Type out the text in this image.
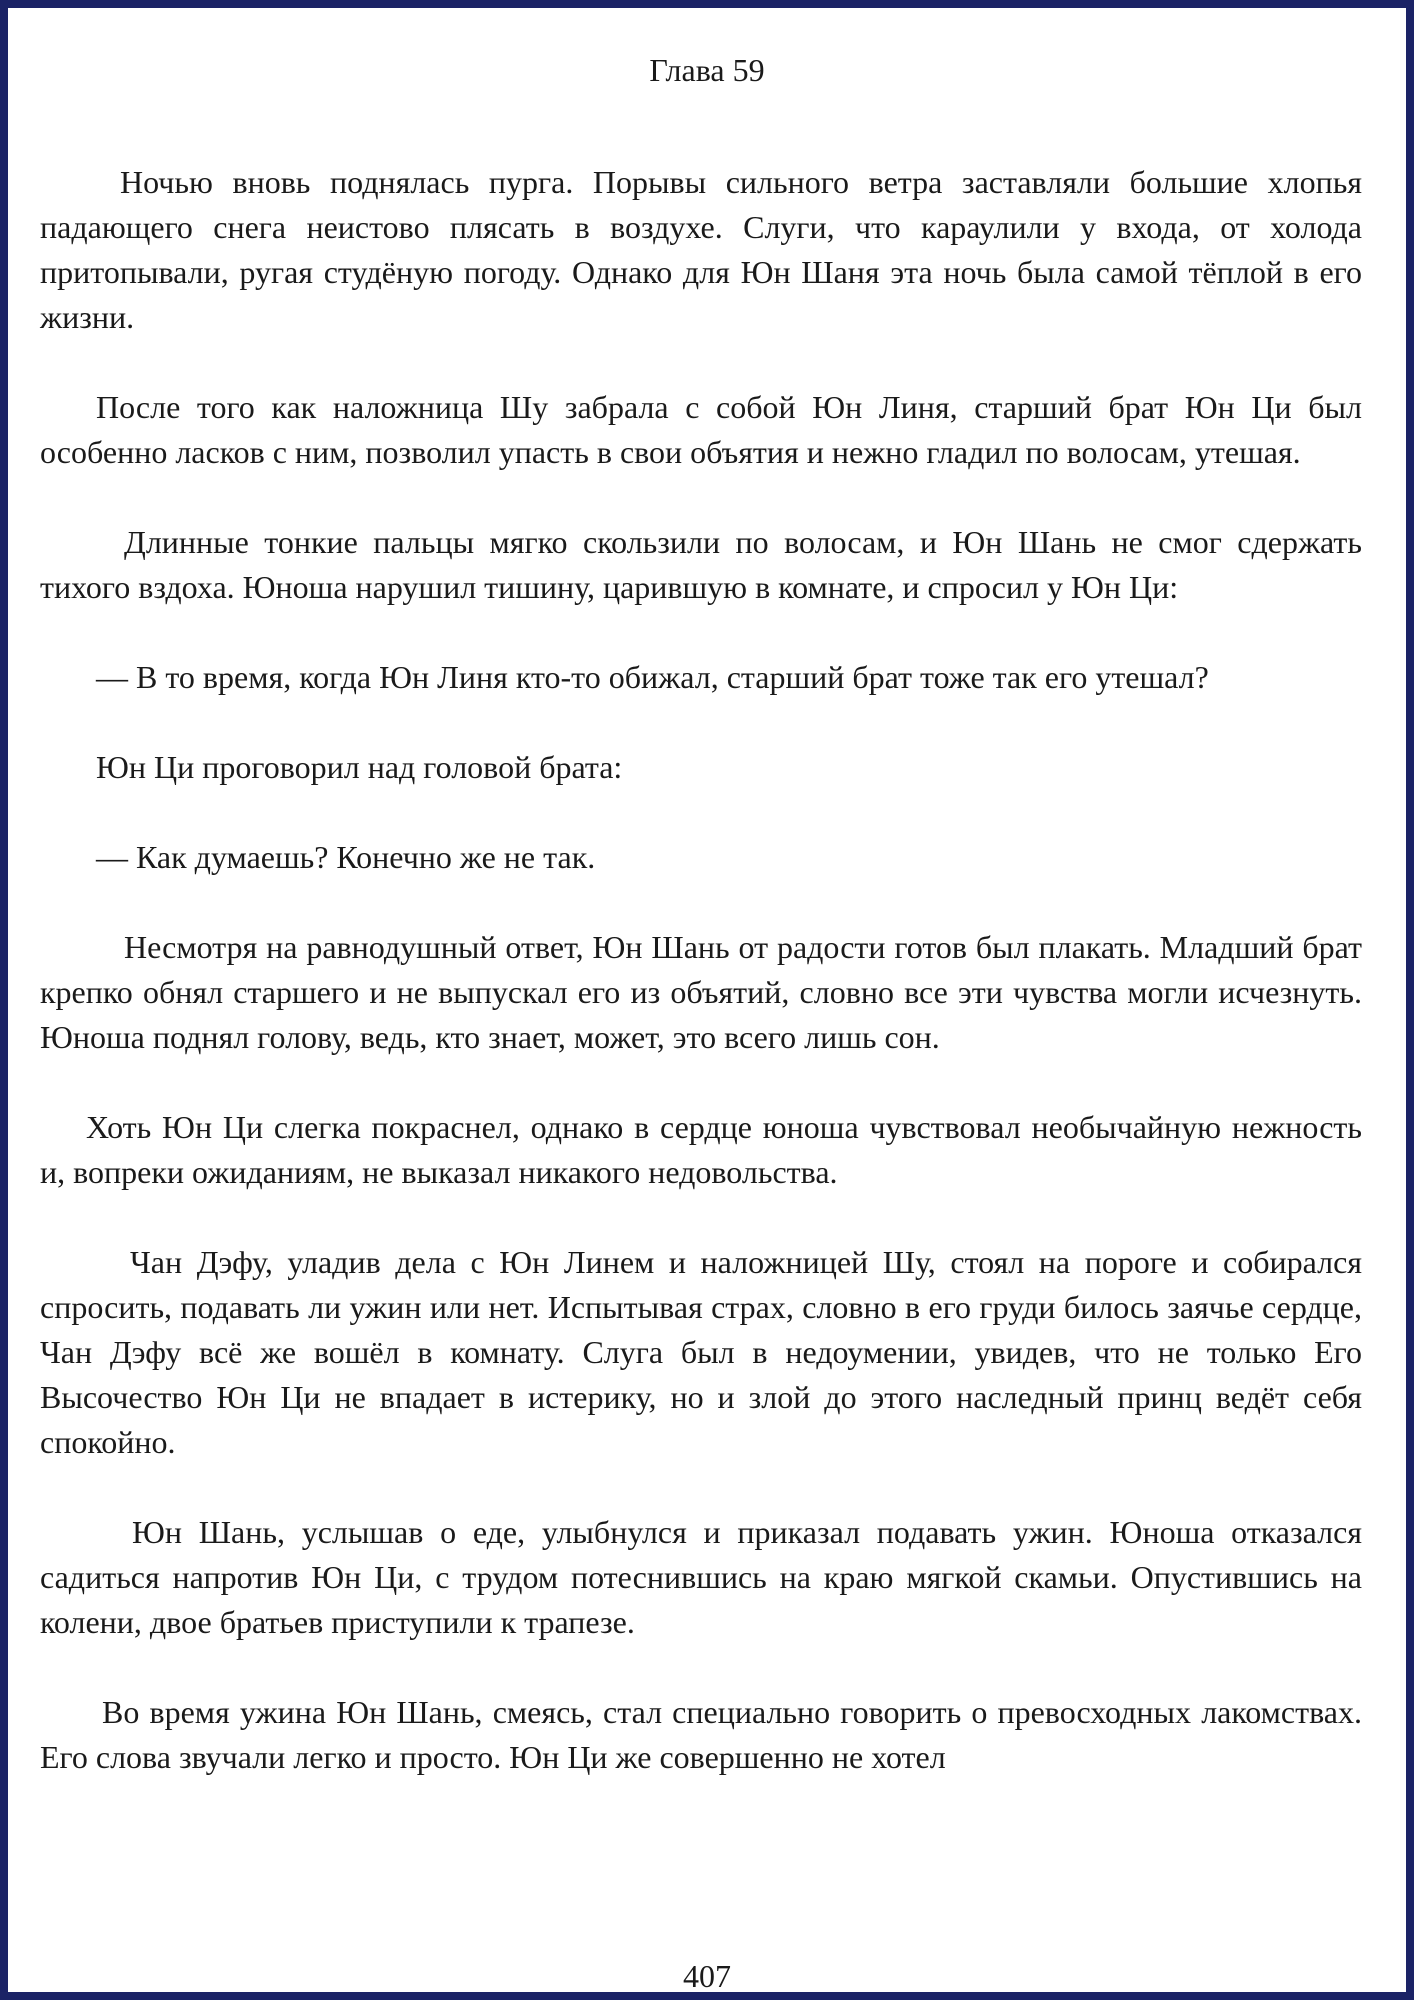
Глава 59

Ночью вновь поднялась пурга. Порывы сильного ветра заставляли большие хлопья падающего снега неистово плясать в воздухе. Слуги, что караулили у входа, от холода притопывали, ругая студёную погоду. Однако для Юн Шаня эта ночь была самой тёплой в его жизни.

После того как наложница Шу забрала с собой Юн Линя, старший брат Юн Ци был особенно ласков с ним, позволил упасть в свои объятия и нежно гладил по волосам, утешая.

Длинные тонкие пальцы мягко скользили по волосам, и Юн Шань не смог сдержать тихого вздоха. Юноша нарушил тишину, царившую в комнате, и спросил у Юн Ци:

— В то время, когда Юн Линя кто-то обижал, старший брат тоже так его утешал?

Юн Ци проговорил над головой брата:

— Как думаешь? Конечно же не так.

Несмотря на равнодушный ответ, Юн Шань от радости готов был плакать. Младший брат крепко обнял старшего и не выпускал его из объятий, словно все эти чувства могли исчезнуть. Юноша поднял голову, ведь, кто знает, может, это всего лишь сон.

Хоть Юн Ци слегка покраснел, однако в сердце юноша чувствовал необычайную нежность и, вопреки ожиданиям, не выказал никакого недовольства.

Чан Дэфу, уладив дела с Юн Линем и наложницей Шу, стоял на пороге и собирался спросить, подавать ли ужин или нет. Испытывая страх, словно в его груди билось заячье сердце, Чан Дэфу всё же вошёл в комнату. Слуга был в недоумении, увидев, что не только Его Высочество Юн Ци не впадает в истерику, но и злой до этого наследный принц ведёт себя спокойно.

Юн Шань, услышав о еде, улыбнулся и приказал подавать ужин. Юноша отказался садиться напротив Юн Ци, с трудом потеснившись на краю мягкой скамьи. Опустившись на колени, двое братьев приступили к трапезе.

Во время ужина Юн Шань, смеясь, стал специально говорить о превосходных лакомствах. Его слова звучали легко и просто. Юн Ци же совершенно не хотел

407
